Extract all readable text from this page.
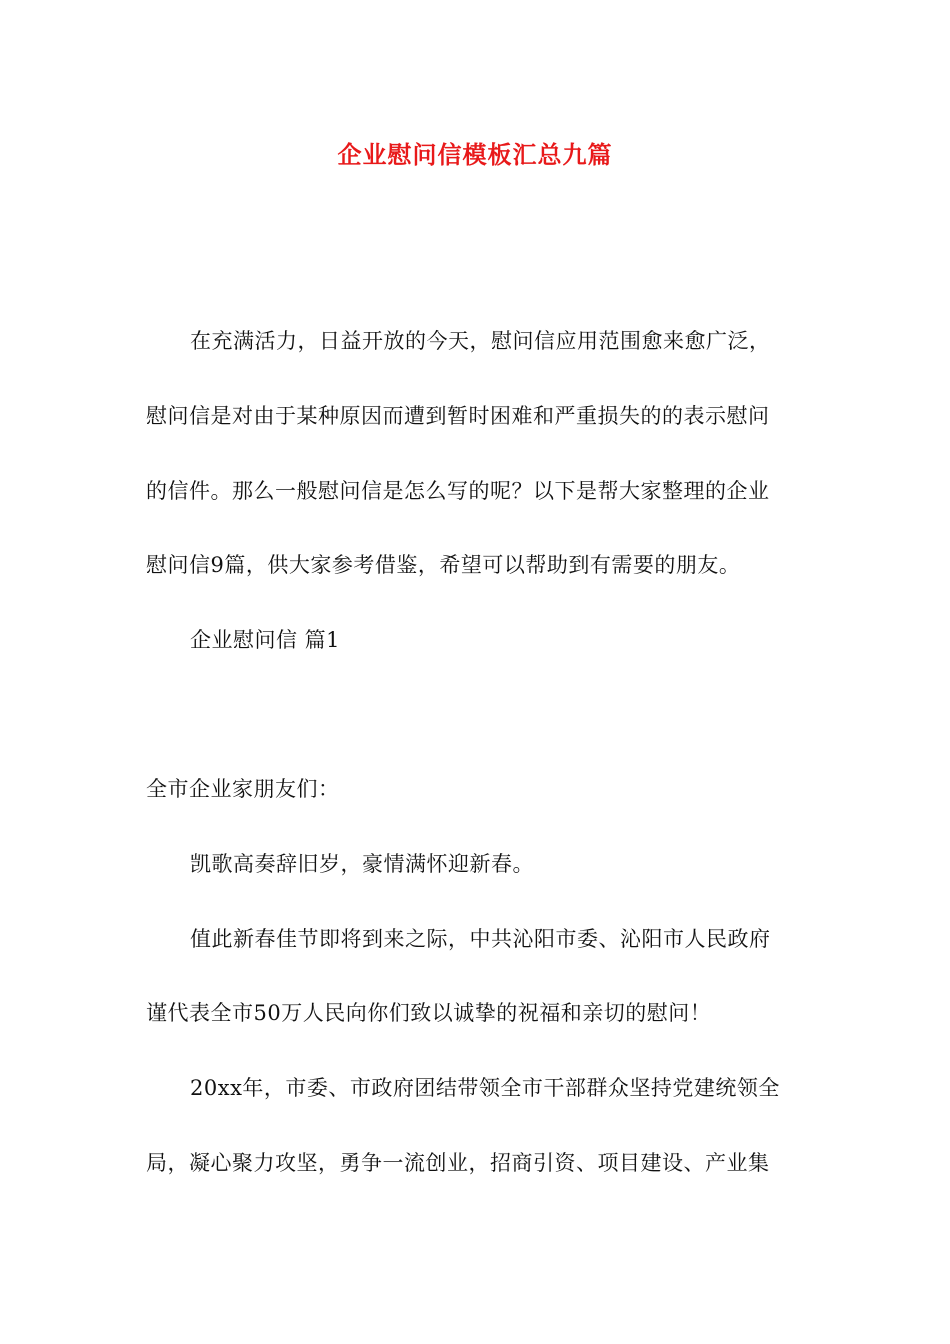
企业慰问信模板汇总九篇
在充满活力，日益开放的今天，慰问信应用范围愈来愈广泛，
慰问信是对由于某种原因而遭到暂时困难和严重损失的的表示慰问
的信件。那么一般慰问信是怎么写的呢？以下是帮大家整理的企业
慰问信9篇，供大家参考借鉴，希望可以帮助到有需要的朋友。
企业慰问信 篇1
全市企业家朋友们：
凯歌高奏辞旧岁，豪情满怀迎新春。
值此新春佳节即将到来之际，中共沁阳市委、沁阳市人民政府
谨代表全市50万人民向你们致以诚挚的祝福和亲切的慰问！
20xx年，市委、市政府团结带领全市干部群众坚持党建统领全
局，凝心聚力攻坚，勇争一流创业，招商引资、项目建设、产业集
